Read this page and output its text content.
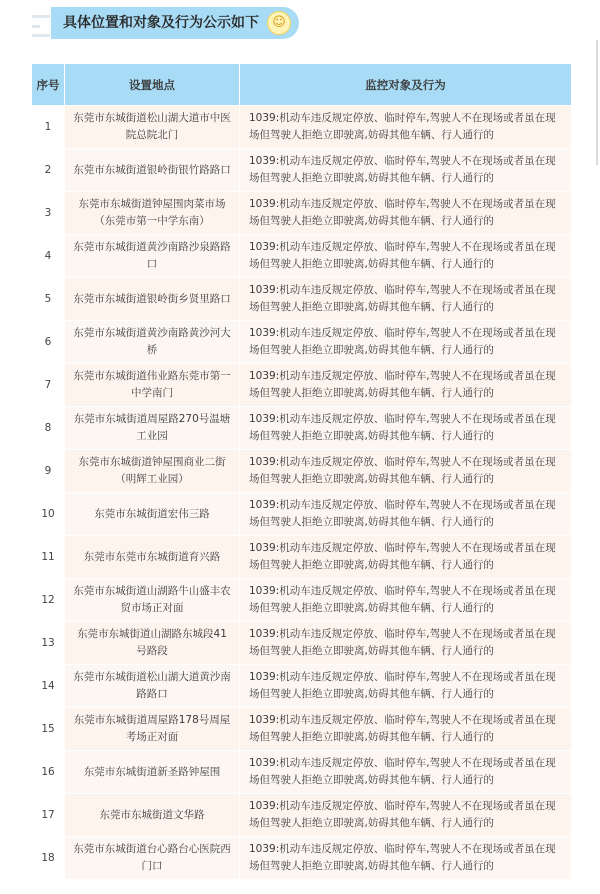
具体位置和对象及行为公示如下	☺
序号	设置地点	监控对象及行为
1	东莞市东城街道松山湖大道市中医院总院北门	1039:机动车违反规定停放、临时停车,驾驶人不在现场或者虽在现场但驾驶人拒绝立即驶离,妨碍其他车辆、行人通行的
2	东莞市东城街道银岭街银竹路路口	1039:机动车违反规定停放、临时停车,驾驶人不在现场或者虽在现场但驾驶人拒绝立即驶离,妨碍其他车辆、行人通行的
3	东莞市东城街道钟屋围肉菜市场（东莞市第一中学东南）	1039:机动车违反规定停放、临时停车,驾驶人不在现场或者虽在现场但驾驶人拒绝立即驶离,妨碍其他车辆、行人通行的
4	东莞市东城街道黄沙南路沙泉路路口	1039:机动车违反规定停放、临时停车,驾驶人不在现场或者虽在现场但驾驶人拒绝立即驶离,妨碍其他车辆、行人通行的
5	东莞市东城街道银岭街乡贤里路口	1039:机动车违反规定停放、临时停车,驾驶人不在现场或者虽在现场但驾驶人拒绝立即驶离,妨碍其他车辆、行人通行的
6	东莞市东城街道黄沙南路黄沙河大桥	1039:机动车违反规定停放、临时停车,驾驶人不在现场或者虽在现场但驾驶人拒绝立即驶离,妨碍其他车辆、行人通行的
7	东莞市东城街道伟业路东莞市第一中学南门	1039:机动车违反规定停放、临时停车,驾驶人不在现场或者虽在现场但驾驶人拒绝立即驶离,妨碍其他车辆、行人通行的
8	东莞市东城街道周屋路270号温塘工业园	1039:机动车违反规定停放、临时停车,驾驶人不在现场或者虽在现场但驾驶人拒绝立即驶离,妨碍其他车辆、行人通行的
9	东莞市东城街道钟屋围商业二街（明辉工业园）	1039:机动车违反规定停放、临时停车,驾驶人不在现场或者虽在现场但驾驶人拒绝立即驶离,妨碍其他车辆、行人通行的
10	东莞市东城街道宏伟三路	1039:机动车违反规定停放、临时停车,驾驶人不在现场或者虽在现场但驾驶人拒绝立即驶离,妨碍其他车辆、行人通行的
11	东莞市东莞市东城街道育兴路	1039:机动车违反规定停放、临时停车,驾驶人不在现场或者虽在现场但驾驶人拒绝立即驶离,妨碍其他车辆、行人通行的
12	东莞市东城街道山湖路牛山盛丰农贸市场正对面	1039:机动车违反规定停放、临时停车,驾驶人不在现场或者虽在现场但驾驶人拒绝立即驶离,妨碍其他车辆、行人通行的
13	东莞市东城街道山湖路东城段41号路段	1039:机动车违反规定停放、临时停车,驾驶人不在现场或者虽在现场但驾驶人拒绝立即驶离,妨碍其他车辆、行人通行的
14	东莞市东城街道松山湖大道黄沙南路路口	1039:机动车违反规定停放、临时停车,驾驶人不在现场或者虽在现场但驾驶人拒绝立即驶离,妨碍其他车辆、行人通行的
15	东莞市东城街道周屋路178号周屋考场正对面	1039:机动车违反规定停放、临时停车,驾驶人不在现场或者虽在现场但驾驶人拒绝立即驶离,妨碍其他车辆、行人通行的
16	东莞市东城街道新圣路钟屋围	1039:机动车违反规定停放、临时停车,驾驶人不在现场或者虽在现场但驾驶人拒绝立即驶离,妨碍其他车辆、行人通行的
17	东莞市东城街道文华路	1039:机动车违反规定停放、临时停车,驾驶人不在现场或者虽在现场但驾驶人拒绝立即驶离,妨碍其他车辆、行人通行的
18	东莞市东城街道台心路台心医院西门口	1039:机动车违反规定停放、临时停车,驾驶人不在现场或者虽在现场但驾驶人拒绝立即驶离,妨碍其他车辆、行人通行的
